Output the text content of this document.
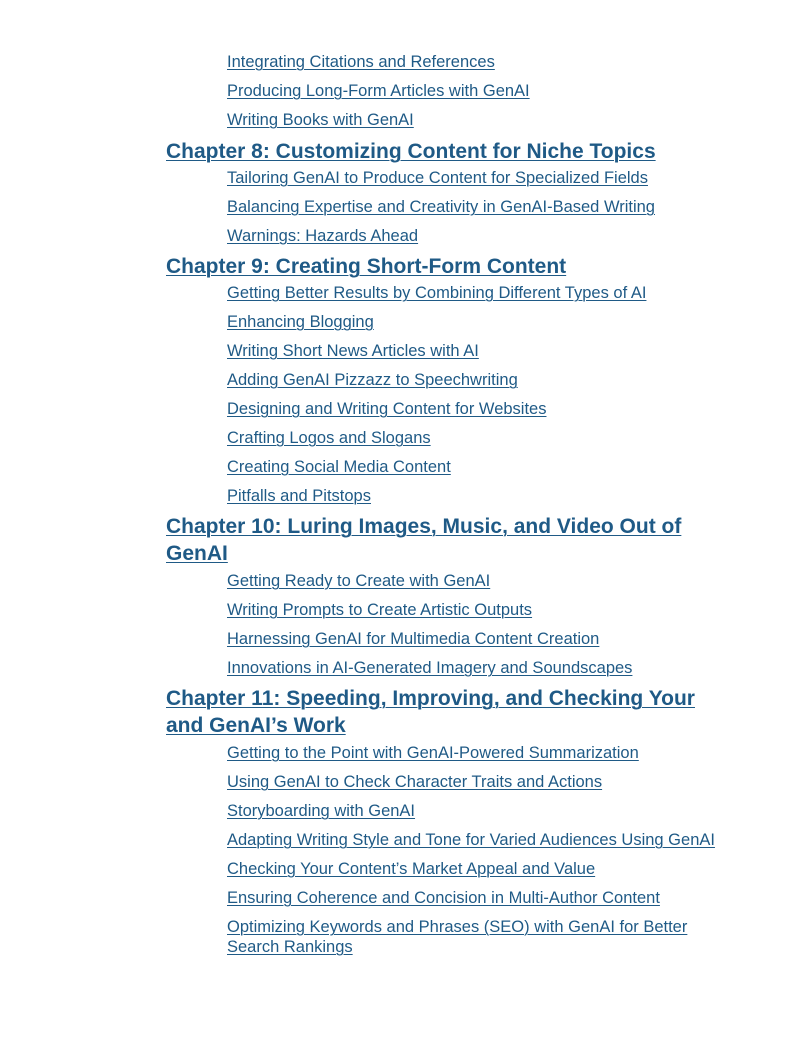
Integrating Citations and References
Producing Long-Form Articles with GenAI
Writing Books with GenAI
Chapter 8: Customizing Content for Niche Topics
Tailoring GenAI to Produce Content for Specialized Fields
Balancing Expertise and Creativity in GenAI-Based Writing
Warnings: Hazards Ahead
Chapter 9: Creating Short-Form Content
Getting Better Results by Combining Different Types of AI
Enhancing Blogging
Writing Short News Articles with AI
Adding GenAI Pizzazz to Speechwriting
Designing and Writing Content for Websites
Crafting Logos and Slogans
Creating Social Media Content
Pitfalls and Pitstops
Chapter 10: Luring Images, Music, and Video Out of GenAI
Getting Ready to Create with GenAI
Writing Prompts to Create Artistic Outputs
Harnessing GenAI for Multimedia Content Creation
Innovations in AI-Generated Imagery and Soundscapes
Chapter 11: Speeding, Improving, and Checking Your and GenAI’s Work
Getting to the Point with GenAI-Powered Summarization
Using GenAI to Check Character Traits and Actions
Storyboarding with GenAI
Adapting Writing Style and Tone for Varied Audiences Using GenAI
Checking Your Content’s Market Appeal and Value
Ensuring Coherence and Concision in Multi-Author Content
Optimizing Keywords and Phrases (SEO) with GenAI for Better Search Rankings
